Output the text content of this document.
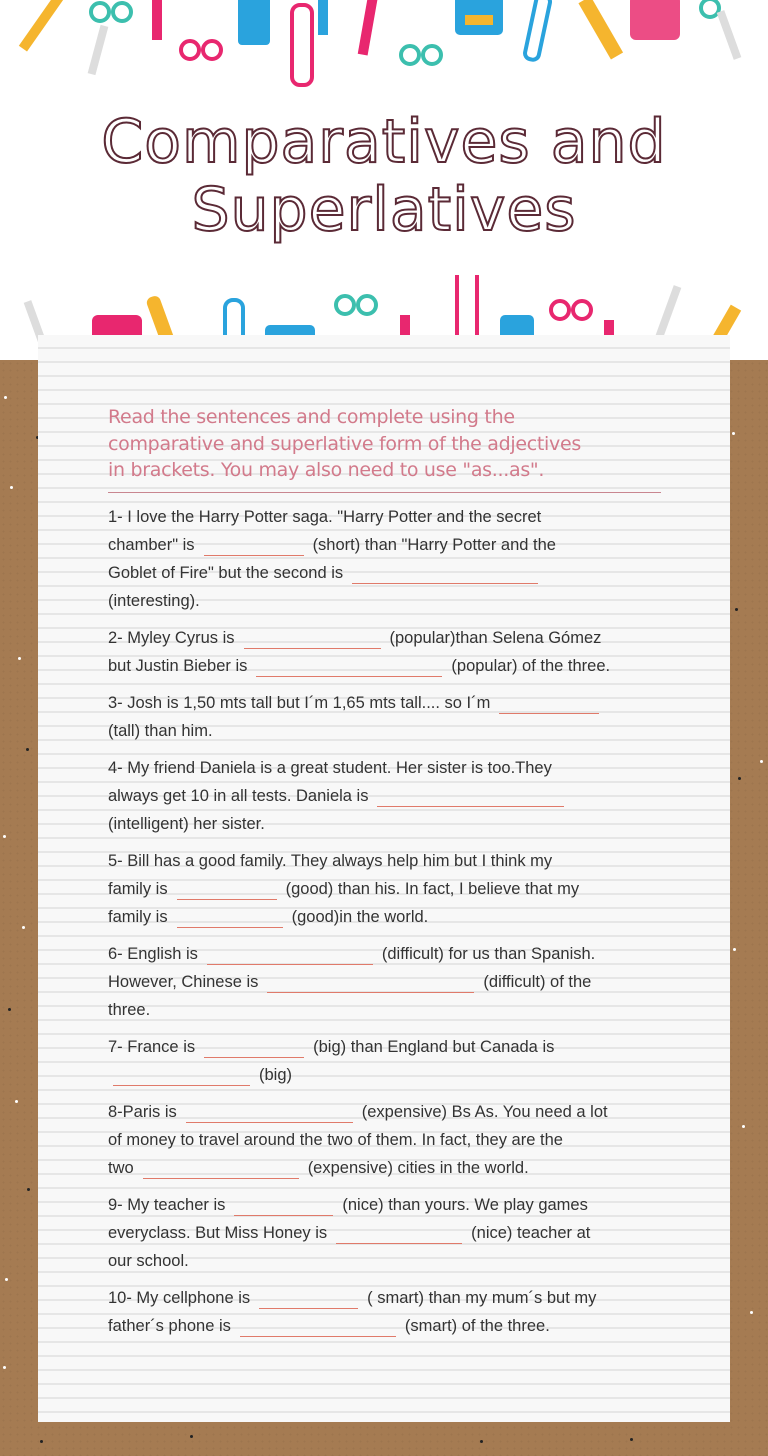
Comparatives and
Superlatives
Read the sentences and complete using the
comparative and superlative form of the adjectives
in brackets. You may also need to use "as...as".
1- I love the Harry Potter saga. "Harry Potter and the secret
chamber" is	(short) than "Harry Potter and the
Goblet of Fire" but the second is
(interesting).
2- Myley Cyrus is	(popular)than Selena Gómez
but Justin Bieber is	(popular) of the three.
3- Josh is 1,50 mts tall but I´m 1,65 mts tall.... so I´m
(tall) than him.
4- My friend Daniela is a great student. Her sister is too.They
always get 10 in all tests. Daniela is
(intelligent) her sister.
5- Bill has a good family. They always help him but I think my
family is	(good) than his. In fact, I believe that my
family is	(good)in the world.
6- English is	(difficult) for us than Spanish.
However, Chinese is	(difficult) of the
three.
7- France is	(big) than England but Canada is
(big)
8-Paris is	(expensive) Bs As. You need a lot
of money to travel around the two of them. In fact, they are the
two	(expensive) cities in the world.
9- My teacher is	(nice) than yours. We play games
everyclass. But Miss Honey is	(nice) teacher at
our school.
10- My cellphone is	( smart) than my mum´s but my
father´s phone is	(smart) of the three.
